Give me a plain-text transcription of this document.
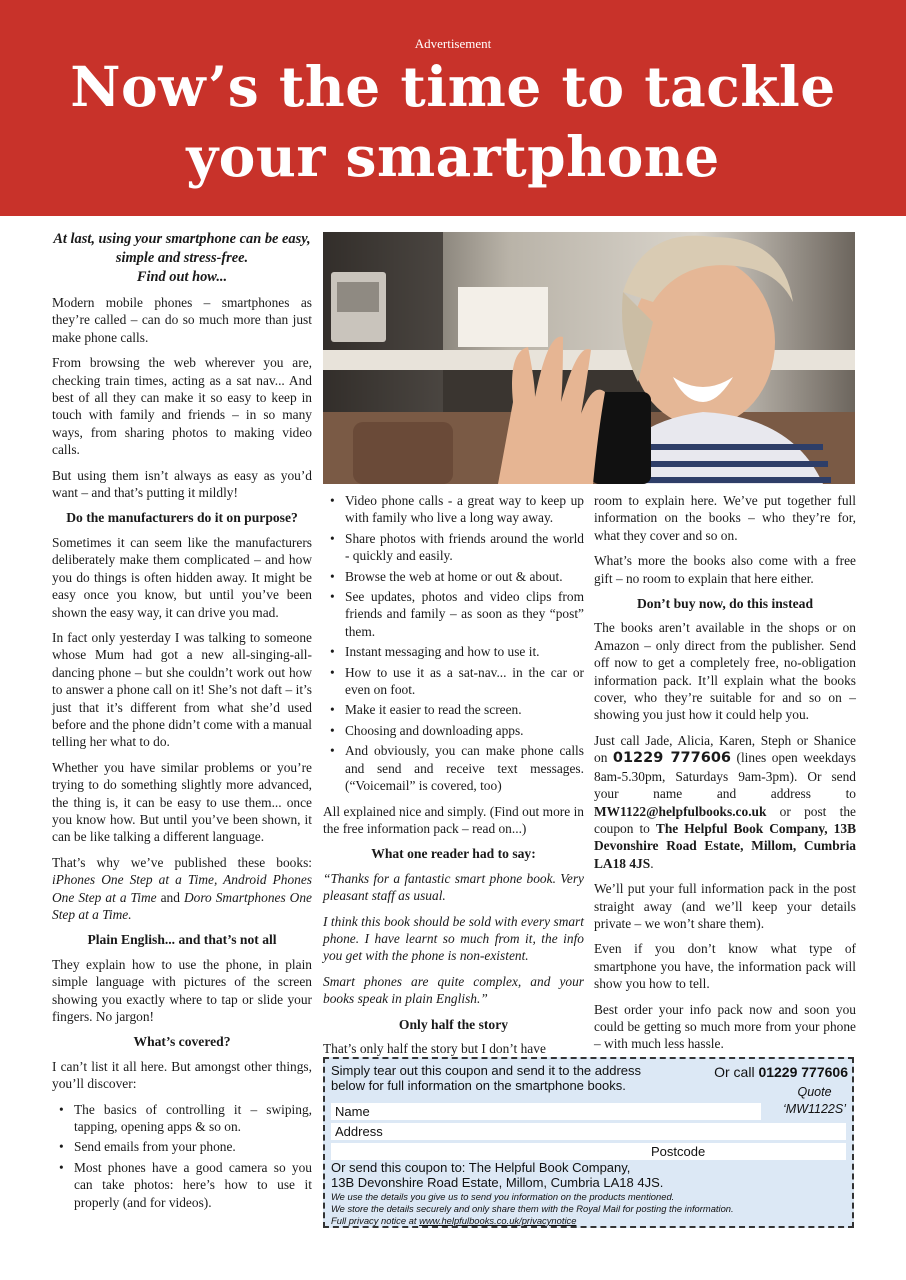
Advertisement
Now’s the time to tackle
your smartphone
At last, using your smartphone can be easy, simple and stress-free.
Find out how...

Modern mobile phones – smartphones as they’re called – can do so much more than just make phone calls.

From browsing the web wherever you are, checking train times, acting as a sat nav... And best of all they can make it so easy to keep in touch with family and friends – in so many ways, from sharing photos to making video calls.

But using them isn’t always as easy as you’d want – and that’s putting it mildly!

Do the manufacturers do it on purpose?

Sometimes it can seem like the manufacturers deliberately make them complicated – and how you do things is often hidden away. It might be easy once you know, but until you’ve been shown the easy way, it can drive you mad.

In fact only yesterday I was talking to someone whose Mum had got a new all-singing-all-dancing phone – but she couldn’t work out how to answer a phone call on it! She’s not daft – it’s just that it’s different from what she’d used before and the phone didn’t come with a manual telling her what to do.

Whether you have similar problems or you’re trying to do something slightly more advanced, the thing is, it can be easy to use them... once you know how. But until you’ve been shown, it can be like talking a different language.

That’s why we’ve published these books: iPhones One Step at a Time, Android Phones One Step at a Time and Doro Smartphones One Step at a Time.

Plain English... and that’s not all

They explain how to use the phone, in plain simple language with pictures of the screen showing you exactly where to tap or slide your fingers. No jargon!

What’s covered?

I can’t list it all here. But amongst other things, you’ll discover:

• The basics of controlling it – swiping, tapping, opening apps & so on.
• Send emails from your phone.
• Most phones have a good camera so you can take photos: here’s how to use it properly (and for videos).
• Video phone calls - a great way to keep up with family who live a long way away.
• Share photos with friends around the world - quickly and easily.
• Browse the web at home or out & about.
• See updates, photos and video clips from friends and family – as soon as they “post” them.
• Instant messaging and how to use it.
• How to use it as a sat-nav... in the car or even on foot.
• Make it easier to read the screen.
• Choosing and downloading apps.
• And obviously, you can make phone calls and send and receive text messages. (“Voicemail” is covered, too)

All explained nice and simply. (Find out more in the free information pack – read on...)

What one reader had to say:

“Thanks for a fantastic smart phone book. Very pleasant staff as usual.

I think this book should be sold with every smart phone. I have learnt so much from it, the info you get with the phone is non-existent.

Smart phones are quite complex, and your books speak in plain English.”

Only half the story

That’s only half the story but I don’t have

room to explain here. We’ve put together full information on the books – who they’re for, what they cover and so on.

What’s more the books also come with a free gift – no room to explain that here either.

Don’t buy now, do this instead

The books aren’t available in the shops or on Amazon – only direct from the publisher. Send off now to get a completely free, no-obligation information pack. It’ll explain what the books cover, who they’re suitable for and so on – showing you just how it could help you.

Just call Jade, Alicia, Karen, Steph or Shanice on 01229 777606 (lines open weekdays 8am-5.30pm, Saturdays 9am-3pm). Or send your name and address to MW1122@helpfulbooks.co.uk or post the coupon to The Helpful Book Company, 13B Devonshire Road Estate, Millom, Cumbria LA18 4JS.

We’ll put your full information pack in the post straight away (and we’ll keep your details private – we won’t share them).

Even if you don’t know what type of smartphone you have, the information pack will show you how to tell.

Best order your info pack now and soon you could be getting so much more from your phone – with much less hassle.

Simply tear out this coupon and send it to the address below for full information on the smartphone books.
Or call 01229 777606
Quote
‘MW1122S’
Name
Address
Postcode
Or send this coupon to: The Helpful Book Company,
13B Devonshire Road Estate, Millom, Cumbria LA18 4JS.
We use the details you give us to send you information on the products mentioned.
We store the details securely and only share them with the Royal Mail for posting the information.
Full privacy notice at www.helpfulbooks.co.uk/privacynotice
